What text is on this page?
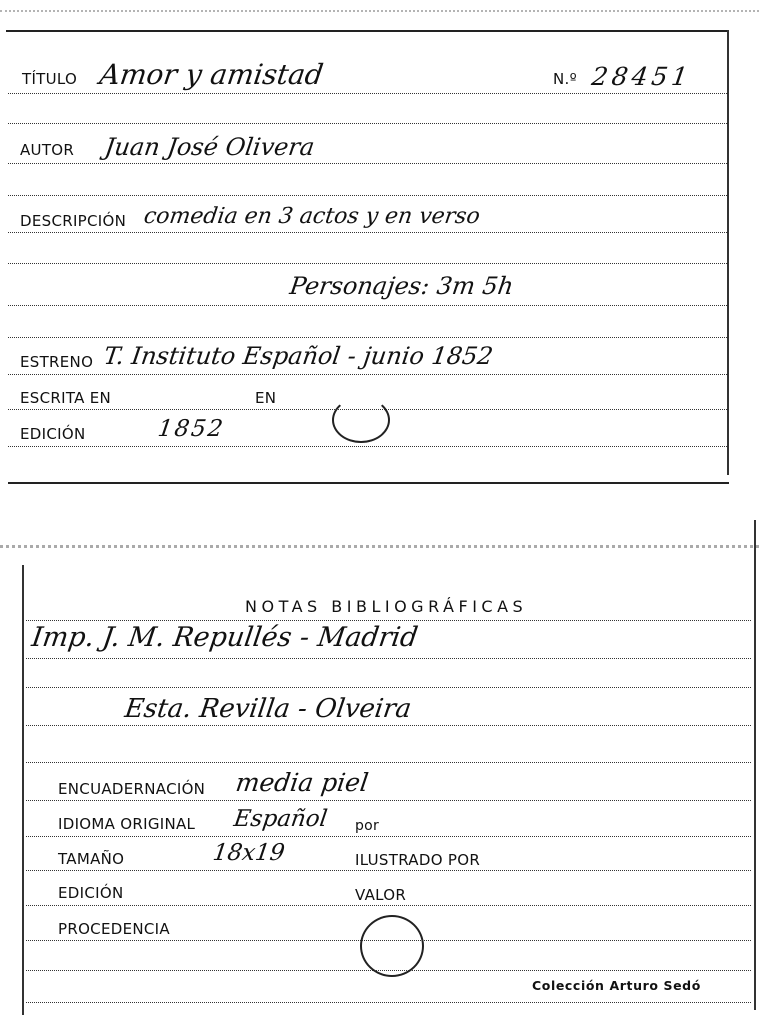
TÍTULO Amor y amistad	N.º 28451
AUTOR Juan José Olivera
DESCRIPCIÓN comedia en 3 actos y en verso
Personajes: 3m 5h
ESTRENO T. Instituto Español - junio 1852
ESCRITA EN	EN
EDICIÓN	1852
NOTAS BIBLIOGRÁFICAS
Imp. J. M. Repullés - Madrid
Esta. Revilla - Olveira
ENCUADERNACIÓN media piel
IDIOMA ORIGINAL Español por
TAMAÑO	18x19	ILUSTRADO POR
EDICIÓN	VALOR
PROCEDENCIA
Colección Arturo Sedó
